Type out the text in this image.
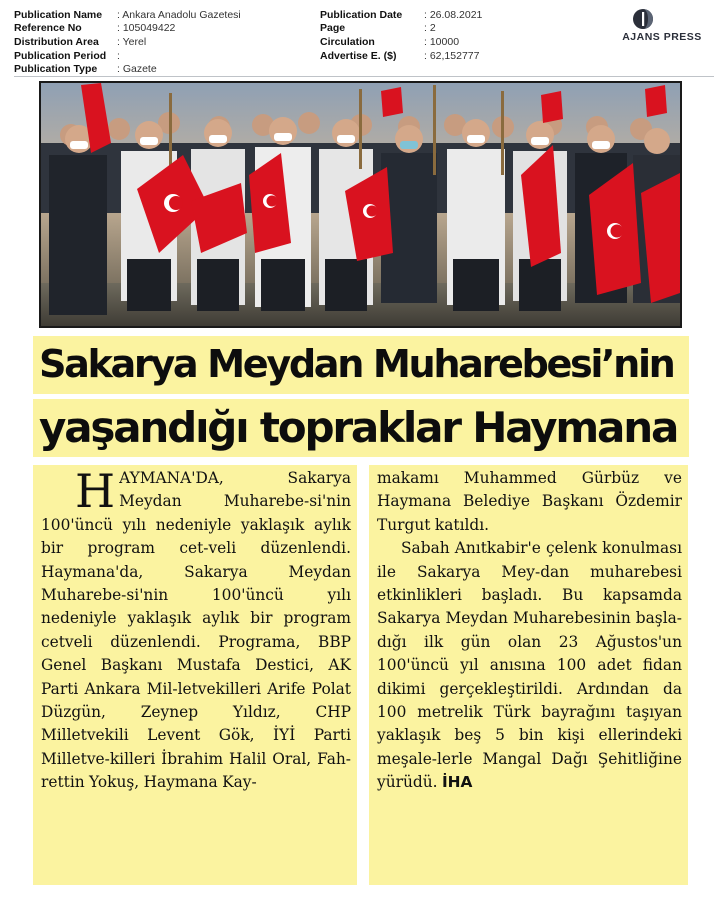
Publication Name	: Ankara Anadolu Gazetesi
Reference No	: 105049422
Distribution Area	: Yerel
Publication Period	:
Publication Type	: Gazete
Publication Date	: 26.08.2021
Page	: 2
Circulation	: 10000
Advertise E. ($)	: 62,152777
AJANS PRESS
Sakarya Meydan Muharebesi’nin
yaşandığı topraklar Haymana
H AYMANA'DA, Sakarya Meydan Muharebe-si'nin 100'üncü yılı nedeniyle yaklaşık aylık bir program cet-veli düzenlendi. Haymana'da, Sakarya Meydan Muharebe-si'nin 100'üncü yılı nedeniyle yaklaşık aylık bir program cetveli düzenlendi. Programa, BBP Genel Başkanı Mustafa Destici, AK Parti Ankara Mil-letvekilleri Arife Polat Düzgün, Zeynep Yıldız, CHP Milletvekili Levent Gök, İYİ Parti Milletve-killeri İbrahim Halil Oral, Fah-rettin Yokuş, Haymana Kay-

makamı Muhammed Gürbüz ve Haymana Belediye Başkanı Özdemir Turgut katıldı.

Sabah Anıtkabir'e çelenk konulması ile Sakarya Mey-dan muharebesi etkinlikleri başladı. Bu kapsamda Sakarya Meydan Muharebesinin başla-dığı ilk gün olan 23 Ağustos'un 100'üncü yıl anısına 100 adet fidan dikimi gerçekleştirildi. Ardından da 100 metrelik Türk bayrağını taşıyan yaklaşık beş 5 bin kişi ellerindeki meşale-lerle Mangal Dağı Şehitliğine yürüdü. İHA
